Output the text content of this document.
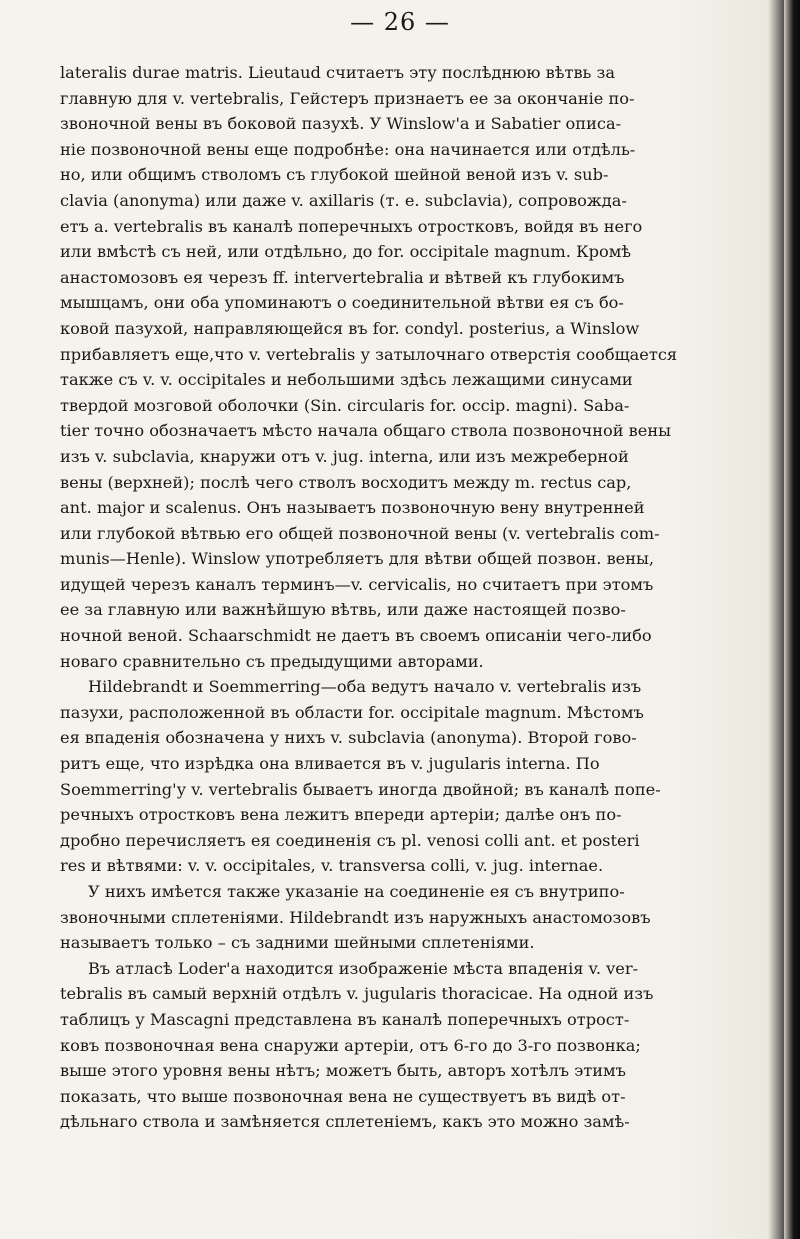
— 26 —
lateralis durae matris. Lieutaud считаетъ эту послѣднюю вѣтвь за
главную для v. vertebralis, Гейстеръ признаетъ ее за окончаніе по-
звоночной вены въ боковой пазухѣ. У Winslow'a и Sabatier описа-
ніе позвоночной вены еще подробнѣе: она начинается или отдѣль-
но, или общимъ стволомъ съ глубокой шейной веной изъ v. sub-
clavia (anonyma) или даже v. axillaris (т. е. subclavia), сопровожда-
етъ a. vertebralis въ каналѣ поперечныхъ отростковъ, войдя въ него
или вмѣстѣ съ ней, или отдѣльно, до for. occipitale magnum. Кромѣ
анастомозовъ ея черезъ ff. intervertebralia и вѣтвей къ глубокимъ
мышцамъ, они оба упоминаютъ о соединительной вѣтви ея съ бо-
ковой пазухой, направляющейся въ for. condyl. posterius, а Winslow
прибавляетъ еще,что v. vertebralis у затылочнаго отверстія сообщается
также съ v. v. occipitales и небольшими здѣсь лежащими синусами
твердой мозговой оболочки (Sin. circularis for. occip. magni). Saba-
tier точно обозначаетъ мѣсто начала общаго ствола позвоночной вены
изъ v. subclavia, кнаружи отъ v. jug. interna, или изъ межреберной
вены (верхней); послѣ чего стволъ восходитъ между m. rectus cap,
ant. major и scalenus. Онъ называетъ позвоночную вену внутренней
или глубокой вѣтвью его общей позвоночной вены (v. vertebralis com-
munis—Henle). Winslow употребляетъ для вѣтви общей позвон. вены,
идущей черезъ каналъ терминъ—v. cervicalis, но считаетъ при этомъ
ее за главную или важнѣйшую вѣтвь, или даже настоящей позво-
ночной веной. Schaarschmidt не даетъ въ своемъ описаніи чего-либо
новаго сравнительно съ предыдущими авторами.
Hildebrandt и Soemmerring—оба ведутъ начало v. vertebralis изъ
пазухи, расположенной въ области for. occipitale magnum. Мѣстомъ
ея впаденія обозначена у нихъ v. subclavia (anonyma). Второй гово-
ритъ еще, что изрѣдка она вливается въ v. jugularis interna. По
Soemmerring'у v. vertebralis бываетъ иногда двойной; въ каналѣ попе-
речныхъ отростковъ вена лежитъ впереди артеріи; далѣе онъ по-
дробно перечисляетъ ея соединенія съ pl. venosi colli ant. et posteri
res и вѣтвями: v. v. occipitales, v. transversa colli, v. jug. internae.
У нихъ имѣется также указаніе на соединеніе ея съ внутрипо-
звоночными сплетеніями. Hildebrandt изъ наружныхъ анастомозовъ
называетъ только – съ задними шейными сплетеніями.
Въ атласѣ Loder'a находится изображеніе мѣста впаденія v. ver-
tebralis въ самый верхній отдѣлъ v. jugularis thoracicae. На одной изъ
таблицъ у Mascagni представлена въ каналѣ поперечныхъ отрост-
ковъ позвоночная вена снаружи артеріи, отъ 6-го до 3-го позвонка;
выше этого уровня вены нѣтъ; можетъ быть, авторъ хотѣлъ этимъ
показать, что выше позвоночная вена не существуетъ въ видѣ от-
дѣльнаго ствола и замѣняется сплетеніемъ, какъ это можно замѣ-
